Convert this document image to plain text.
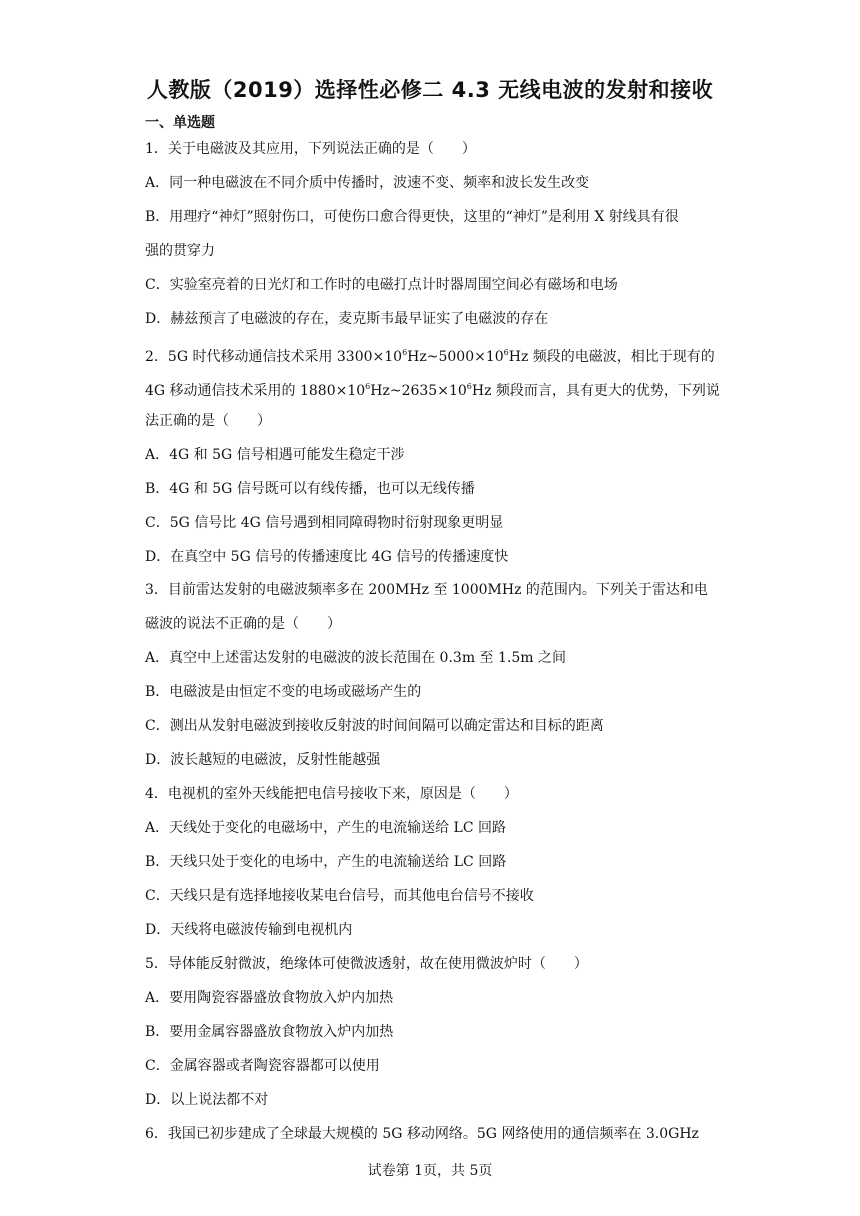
人教版（2019）选择性必修二 4.3 无线电波的发射和接收
一、单选题
1．关于电磁波及其应用，下列说法正确的是（　　）
A．同一种电磁波在不同介质中传播时，波速不变、频率和波长发生改变
B．用理疗“神灯”照射伤口，可使伤口愈合得更快，这里的“神灯”是利用 X 射线具有很
强的贯穿力
C．实验室亮着的日光灯和工作时的电磁打点计时器周围空间必有磁场和电场
D．赫兹预言了电磁波的存在，麦克斯韦最早证实了电磁波的存在
2．5G 时代移动通信技术采用 $3300\times 10^6Hz\sim 5000\times 10^6Hz$ 频段的电磁波，相比于现有的
4G 移动通信技术采用的 $1880\times 10^6Hz\sim 2635\times 10^6Hz$ 频段而言，具有更大的优势，下列说
法正确的是（　　）
A．4G 和 5G 信号相遇可能发生稳定干涉
B．4G 和 5G 信号既可以有线传播，也可以无线传播
C．5G 信号比 4G 信号遇到相同障碍物时衍射现象更明显
D．在真空中 5G 信号的传播速度比 4G 信号的传播速度快
3．目前雷达发射的电磁波频率多在 200MHz 至 1000MHz 的范围内。下列关于雷达和电
磁波的说法不正确的是（　　）
A．真空中上述雷达发射的电磁波的波长范围在 0.3m 至 1.5m 之间
B．电磁波是由恒定不变的电场或磁场产生的
C．测出从发射电磁波到接收反射波的时间间隔可以确定雷达和目标的距离
D．波长越短的电磁波，反射性能越强
4．电视机的室外天线能把电信号接收下来，原因是（　　）
A．天线处于变化的电磁场中，产生的电流输送给 LC 回路
B．天线只处于变化的电场中，产生的电流输送给 LC 回路
C．天线只是有选择地接收某电台信号，而其他电台信号不接收
D．天线将电磁波传输到电视机内
5．导体能反射微波，绝缘体可使微波透射，故在使用微波炉时（　　）
A．要用陶瓷容器盛放食物放入炉内加热
B．要用金属容器盛放食物放入炉内加热
C．金属容器或者陶瓷容器都可以使用
D．以上说法都不对
6．我国已初步建成了全球最大规模的 5G 移动网络。5G 网络使用的通信频率在 3.0GHz
试卷第 1页，共 5页
